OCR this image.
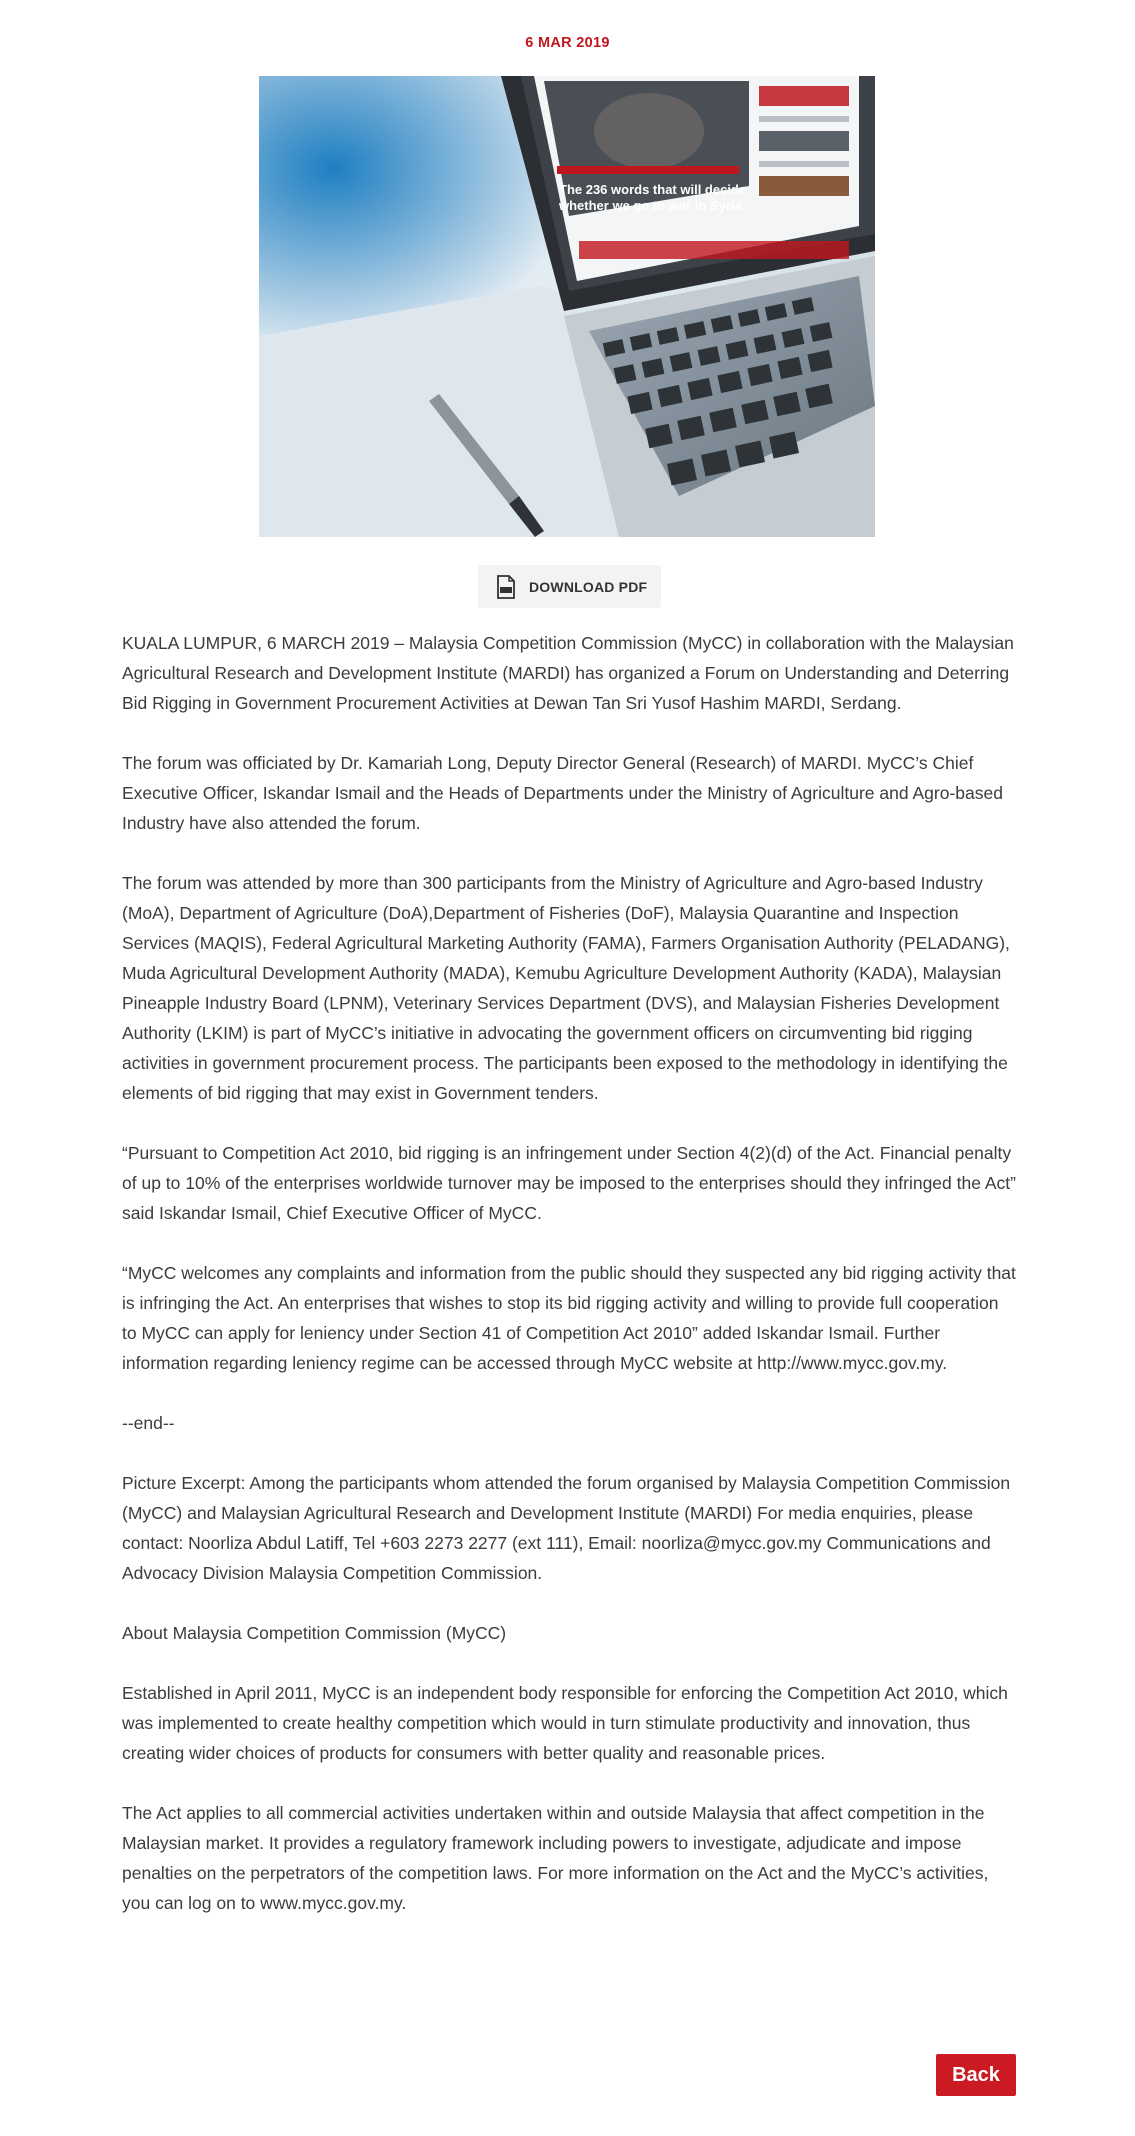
6 MAR 2019
The 236 words that will decide
whether we go to war in Syria
DOWNLOAD PDF

KUALA LUMPUR, 6 MARCH 2019 – Malaysia Competition Commission (MyCC) in collaboration with the Malaysian Agricultural Research and Development Institute (MARDI) has organized a Forum on Understanding and Deterring Bid Rigging in Government Procurement Activities at Dewan Tan Sri Yusof Hashim MARDI, Serdang.

The forum was officiated by Dr. Kamariah Long, Deputy Director General (Research) of MARDI. MyCC’s Chief Executive Officer, Iskandar Ismail and the Heads of Departments under the Ministry of Agriculture and Agro-based Industry have also attended the forum.

The forum was attended by more than 300 participants from the Ministry of Agriculture and Agro-based Industry (MoA), Department of Agriculture (DoA),Department of Fisheries (DoF), Malaysia Quarantine and Inspection Services (MAQIS), Federal Agricultural Marketing Authority (FAMA), Farmers Organisation Authority (PELADANG), Muda Agricultural Development Authority (MADA), Kemubu Agriculture Development Authority (KADA), Malaysian Pineapple Industry Board (LPNM), Veterinary Services Department (DVS), and Malaysian Fisheries Development Authority (LKIM) is part of MyCC’s initiative in advocating the government officers on circumventing bid rigging activities in government procurement process. The participants been exposed to the methodology in identifying the elements of bid rigging that may exist in Government tenders.

“Pursuant to Competition Act 2010, bid rigging is an infringement under Section 4(2)(d) of the Act. Financial penalty of up to 10% of the enterprises worldwide turnover may be imposed to the enterprises should they infringed the Act” said Iskandar Ismail, Chief Executive Officer of MyCC.

“MyCC welcomes any complaints and information from the public should they suspected any bid rigging activity that is infringing the Act. An enterprises that wishes to stop its bid rigging activity and willing to provide full cooperation to MyCC can apply for leniency under Section 41 of Competition Act 2010” added Iskandar Ismail. Further information regarding leniency regime can be accessed through MyCC website at http://www.mycc.gov.my.

--end--

Picture Excerpt: Among the participants whom attended the forum organised by Malaysia Competition Commission (MyCC) and Malaysian Agricultural Research and Development Institute (MARDI) For media enquiries, please contact: Noorliza Abdul Latiff, Tel +603 2273 2277 (ext 111), Email: noorliza@mycc.gov.my Communications and Advocacy Division Malaysia Competition Commission.

About Malaysia Competition Commission (MyCC)

Established in April 2011, MyCC is an independent body responsible for enforcing the Competition Act 2010, which was implemented to create healthy competition which would in turn stimulate productivity and innovation, thus creating wider choices of products for consumers with better quality and reasonable prices.

The Act applies to all commercial activities undertaken within and outside Malaysia that affect competition in the Malaysian market. It provides a regulatory framework including powers to investigate, adjudicate and impose penalties on the perpetrators of the competition laws. For more information on the Act and the MyCC’s activities, you can log on to www.mycc.gov.my.

Back
